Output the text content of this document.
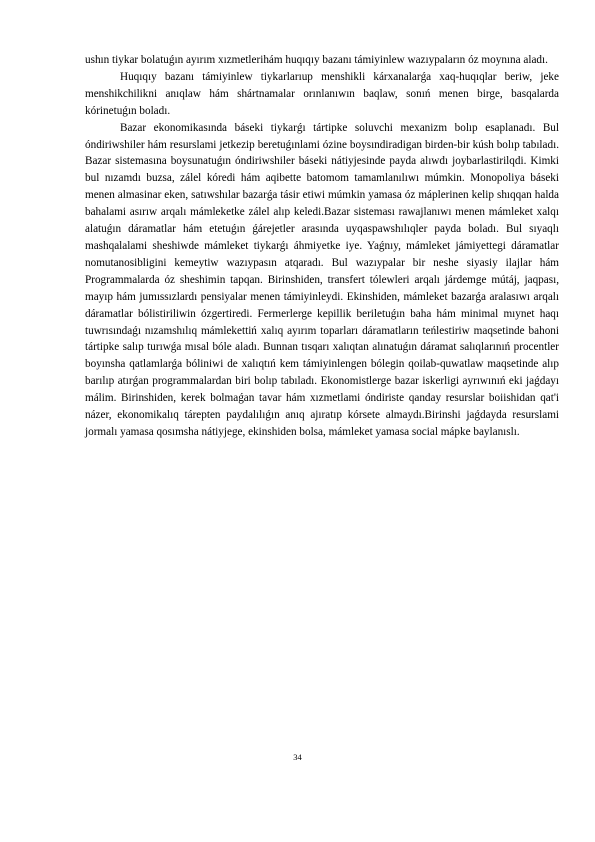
ushın tiykar bolatuǵın ayırım xızmetlerihám huqıqıy bazanı támiyinlew wazıypaların óz moynına aladı.

Huqıqıy bazanı támiyinlew tiykarlarıup menshikli kárxanalarǵa xaq-huqıqlar beriw, jeke menshikchilikni anıqlaw hám shártnamalar orınlanıwın baqlaw, sonıń menen birge, basqalarda kórinetuǵın boladı.

Bazar ekonomikasında báseki tiykarǵı tártipke soluvchi mexanizm bolıp esaplanadı. Bul óndiriwshiler hám resurslami jetkezip beretuǵınlami ózine boysındiradigan birden-bir kúsh bolıp tabıladı. Bazar sistemasına boysunatuǵın óndiriwshiler báseki nátiyjesinde payda alıwdı joybarlastirilqdi. Kimki bul nızamdı buzsa, zálel kóredi hám aqibette batomom tamamlanılıwı múmkin. Monopoliya báseki menen almasinar eken, satıwshılar bazarǵa tásir etiwi múmkin yamasa óz máplerinen kelip shıqqan halda bahalami asırıw arqalı mámleketke zálel alıp keledi.Bazar sisteması rawajlanıwı menen mámleket xalqı alatuǵın dáramatlar hám etetuǵın ǵárejetler arasında uyqaspawshılıqler payda boladı. Bul sıyaqlı mashqalalami sheshiwde mámleket tiykarǵı áhmiyetke iye. Yaǵnıy, mámleket jámiyettegi dáramatlar nomutanosibligini kemeytiw wazıypasın atqaradı. Bul wazıypalar bir neshe siyasiy ilajlar hám Programmalarda óz sheshimin tapqan. Birinshiden, transfert tólewleri arqalı járdemge mútáj, jaqpası, mayıp hám jumıssızlardı pensiyalar menen támiyinleydi. Ekinshiden, mámleket bazarǵa aralasıwı arqalı dáramatlar bólistiriliwin ózgertiredi. Fermerlerge kepillik beriletuǵın baha hám minimal mıynet haqı tuwrısındaǵı nızamshılıq mámlekettiń xalıq ayırım toparları dáramatların teńlestiriw maqsetinde bahoni tártipke salıp turıwǵa mısal bóle aladı. Bunnan tısqarı xalıqtan alınatuǵın dáramat salıqlarınıń procentler boyınsha qatlamlarǵa bóliniwi de xalıqtıń kem támiyinlengen bólegin qoilab-quwatlaw maqsetinde alıp barılıp atırǵan programmalardan biri bolıp tabıladı. Ekonomistlerge bazar iskerligi ayrıwınıń eki jaǵdayı málim. Birinshiden, kerek bolmaǵan tavar hám xızmetlami óndiriste qanday resurslar boiishidan qat'i názer, ekonomikalıq tárepten paydalılıǵın anıq ajıratıp kórsete almaydı.Birinshi jaǵdayda resurslami jormalı yamasa qosımsha nátiyjege, ekinshiden bolsa, mámleket yamasa social mápke baylanıslı.

34
